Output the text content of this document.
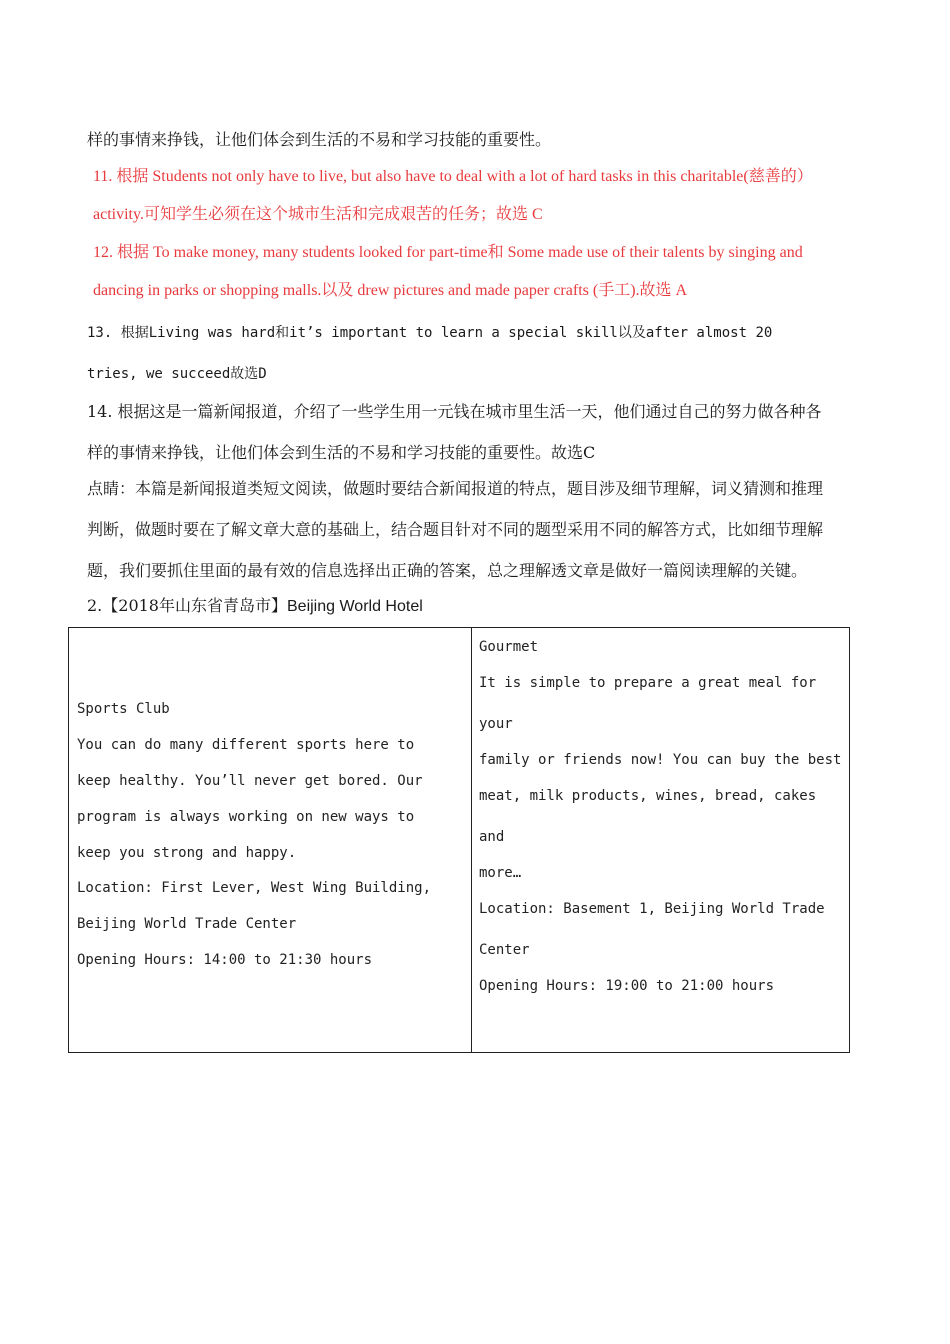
样的事情来挣钱，让他们体会到生活的不易和学习技能的重要性。
11. 根据 Students not only have to live, but also have to deal with a lot of hard tasks in this charitable(慈善的）
activity.可知学生必须在这个城市生活和完成艰苦的任务；故选 C
12. 根据 To make money, many students looked for part-time和 Some made use of their talents by singing and
dancing in parks or shopping malls.以及 drew pictures and made paper crafts (手工).故选 A
13. 根据Living was hard和it’s important to learn a special skill以及after almost 20
tries, we succeed故选D
14. 根据这是一篇新闻报道，介绍了一些学生用一元钱在城市里生活一天，他们通过自己的努力做各种各
样的事情来挣钱，让他们体会到生活的不易和学习技能的重要性。故选C
点睛：本篇是新闻报道类短文阅读，做题时要结合新闻报道的特点，题目涉及细节理解，词义猜测和推理
判断，做题时要在了解文章大意的基础上，结合题目针对不同的题型采用不同的解答方式，比如细节理解
题，我们要抓住里面的最有效的信息选择出正确的答案，总之理解透文章是做好一篇阅读理解的关键。
2.【2018年山东省青岛市】Beijing World Hotel
Sports Club
You can do many different sports here to
keep healthy. You’ll never get bored. Our
program is always working on new ways to
keep you strong and happy.
Location: First Lever, West Wing Building,
Beijing World Trade Center
Opening Hours: 14:00 to 21:30 hours
Gourmet
It is simple to prepare a great meal for
your
family or friends now! You can buy the best
meat, milk products, wines, bread, cakes
and
more…
Location: Basement 1, Beijing World Trade
Center
Opening Hours: 19:00 to 21:00 hours
